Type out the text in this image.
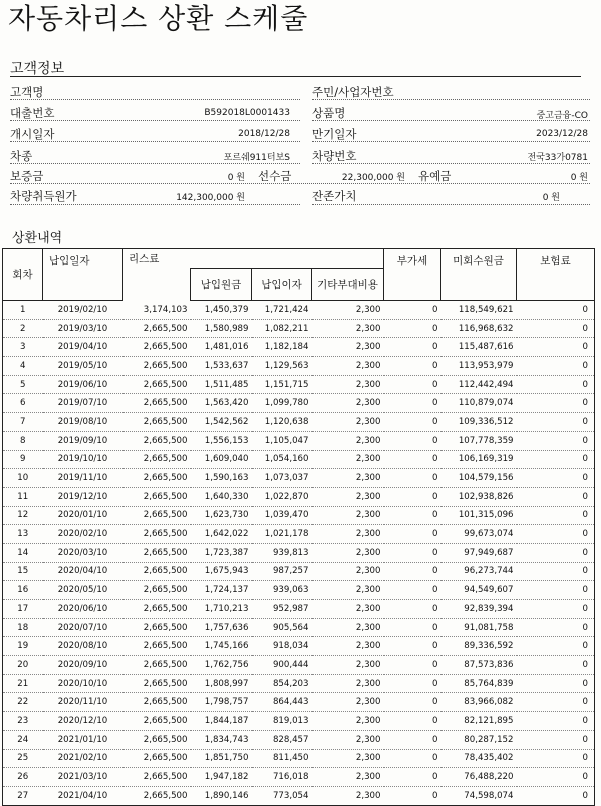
자동차리스 상환 스케줄
고객정보
고객명	주민/사업자번호
대출번호	B592018L0001433 상품명	중고금융-CO
개시일자	2018/12/28 만기일자	2023/12/28
차종	포르쉐911터보S 차량번호	전국33가0781
보증금	0 원 선수금	22,300,000 원 유예금	0 원
차량취득원가	142,300,000 원	잔존가치	0 원
상환내역
회차	납입일자	리스료				부가세	미회수원금	보험료
			납입원금	납입이자	기타부대비용			
1	2019/02/10	3,174,103	1,450,379	1,721,424	2,300	0	118,549,621	0
2	2019/03/10	2,665,500	1,580,989	1,082,211	2,300	0	116,968,632	0
3	2019/04/10	2,665,500	1,481,016	1,182,184	2,300	0	115,487,616	0
4	2019/05/10	2,665,500	1,533,637	1,129,563	2,300	0	113,953,979	0
5	2019/06/10	2,665,500	1,511,485	1,151,715	2,300	0	112,442,494	0
6	2019/07/10	2,665,500	1,563,420	1,099,780	2,300	0	110,879,074	0
7	2019/08/10	2,665,500	1,542,562	1,120,638	2,300	0	109,336,512	0
8	2019/09/10	2,665,500	1,556,153	1,105,047	2,300	0	107,778,359	0
9	2019/10/10	2,665,500	1,609,040	1,054,160	2,300	0	106,169,319	0
10	2019/11/10	2,665,500	1,590,163	1,073,037	2,300	0	104,579,156	0
11	2019/12/10	2,665,500	1,640,330	1,022,870	2,300	0	102,938,826	0
12	2020/01/10	2,665,500	1,623,730	1,039,470	2,300	0	101,315,096	0
13	2020/02/10	2,665,500	1,642,022	1,021,178	2,300	0	99,673,074	0
14	2020/03/10	2,665,500	1,723,387	939,813	2,300	0	97,949,687	0
15	2020/04/10	2,665,500	1,675,943	987,257	2,300	0	96,273,744	0
16	2020/05/10	2,665,500	1,724,137	939,063	2,300	0	94,549,607	0
17	2020/06/10	2,665,500	1,710,213	952,987	2,300	0	92,839,394	0
18	2020/07/10	2,665,500	1,757,636	905,564	2,300	0	91,081,758	0
19	2020/08/10	2,665,500	1,745,166	918,034	2,300	0	89,336,592	0
20	2020/09/10	2,665,500	1,762,756	900,444	2,300	0	87,573,836	0
21	2020/10/10	2,665,500	1,808,997	854,203	2,300	0	85,764,839	0
22	2020/11/10	2,665,500	1,798,757	864,443	2,300	0	83,966,082	0
23	2020/12/10	2,665,500	1,844,187	819,013	2,300	0	82,121,895	0
24	2021/01/10	2,665,500	1,834,743	828,457	2,300	0	80,287,152	0
25	2021/02/10	2,665,500	1,851,750	811,450	2,300	0	78,435,402	0
26	2021/03/10	2,665,500	1,947,182	716,018	2,300	0	76,488,220	0
27	2021/04/10	2,665,500	1,890,146	773,054	2,300	0	74,598,074	0
